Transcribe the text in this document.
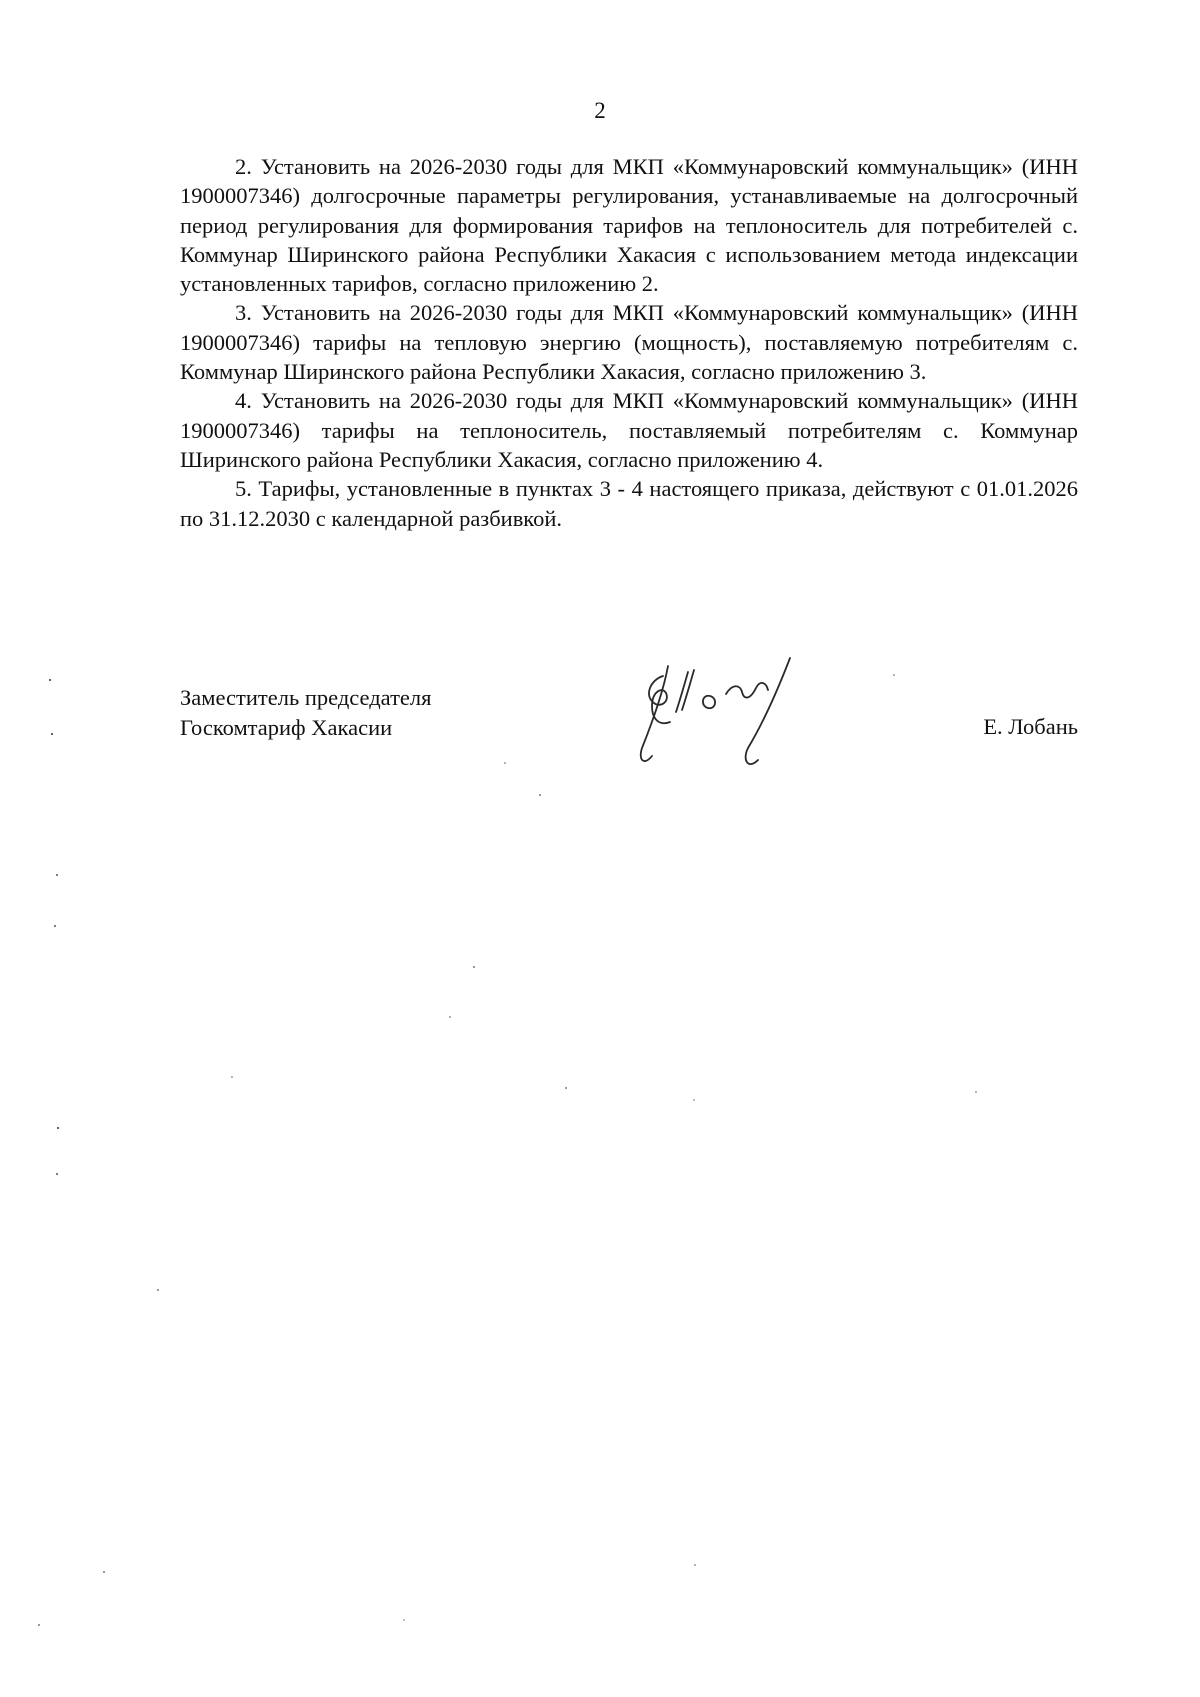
2

2. Установить на 2026-2030 годы для МКП «Коммунаровский коммунальщик» (ИНН 1900007346) долгосрочные параметры регулирования, устанавливаемые на долгосрочный период регулирования для формирования тарифов на теплоноситель для потребителей с. Коммунар Ширинского района Республики Хакасия с использованием метода индексации установленных тарифов, согласно приложению 2.

3. Установить на 2026-2030 годы для МКП «Коммунаровский коммунальщик» (ИНН 1900007346) тарифы на тепловую энергию (мощность), поставляемую потребителям с. Коммунар Ширинского района Республики Хакасия, согласно приложению 3.

4. Установить на 2026-2030 годы для МКП «Коммунаровский коммунальщик» (ИНН 1900007346) тарифы на теплоноситель, поставляемый потребителям с. Коммунар Ширинского района Республики Хакасия, согласно приложению 4.

5. Тарифы, установленные в пунктах 3 - 4 настоящего приказа, действуют с 01.01.2026 по 31.12.2030 с календарной разбивкой.

Заместитель председателя
Госкомтариф Хакасии	Е. Лобань
